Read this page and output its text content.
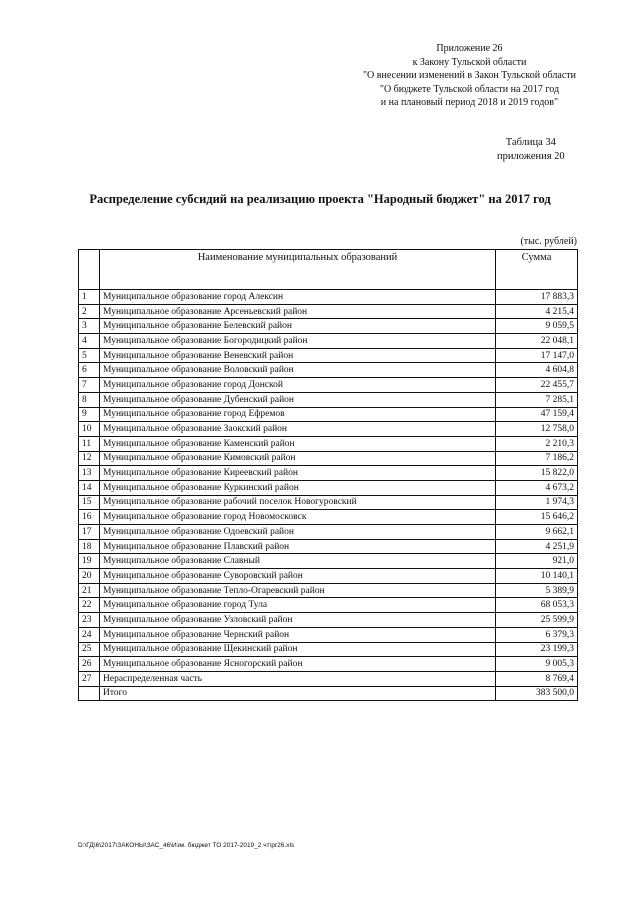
Приложение 26
к Закону Тульской области
"О внесении изменений в Закон Тульской области
"О бюджете Тульской области на 2017 год
и на плановый период 2018 и 2019 годов"
Таблица 34
приложения 20
Распределение субсидий на реализацию проекта "Народный бюджет" на 2017 год
(тыс. рублей)
	Наименование муниципальных образований	Сумма
1	Муниципальное образование город Алексин	17 883,3
2	Муниципальное образование Арсеньевский район	4 215,4
3	Муниципальное образование Белевский район	9 059,5
4	Муниципальное образование Богородицкий район	22 048,1
5	Муниципальное образование Веневский район	17 147,0
6	Муниципальное образование Воловский район	4 604,8
7	Муниципальное образование город Донской	22 455,7
8	Муниципальное образование Дубенский район	7 285,1
9	Муниципальное образование город Ефремов	47 159,4
10	Муниципальное образование Заокский район	12 758,0
11	Муниципальное образование Каменский район	2 210,3
12	Муниципальное образование Кимовский район	7 186,2
13	Муниципальное образование Киреевский район	15 822,0
14	Муниципальное образование Куркинский район	4 673,2
15	Муниципальное образование рабочий поселок Новогуровский	1 974,3
16	Муниципальное образование город Новомосковск	15 646,2
17	Муниципальное образование Одоевский район	9 662,1
18	Муниципальное образование Плавский район	4 251,9
19	Муниципальное образование Славный	921,0
20	Муниципальное образование Суворовский район	10 140,1
21	Муниципальное образование Тепло-Огаревский район	5 389,9
22	Муниципальное образование город Тула	68 053,3
23	Муниципальное образование Узловский район	25 599,9
24	Муниципальное образование Чернский район	6 379,3
25	Муниципальное образование Щекинский район	23 199,3
26	Муниципальное образование Ясногорский район	9 005,3
27	Нераспределенная часть	8 769,4
	Итого	383 500,0
D:\ГД\6\2017\ЗАКОНЫ\ЗАС_46\Изм. бюджет ТО 2017-2019_2 чт\pr26.xls
